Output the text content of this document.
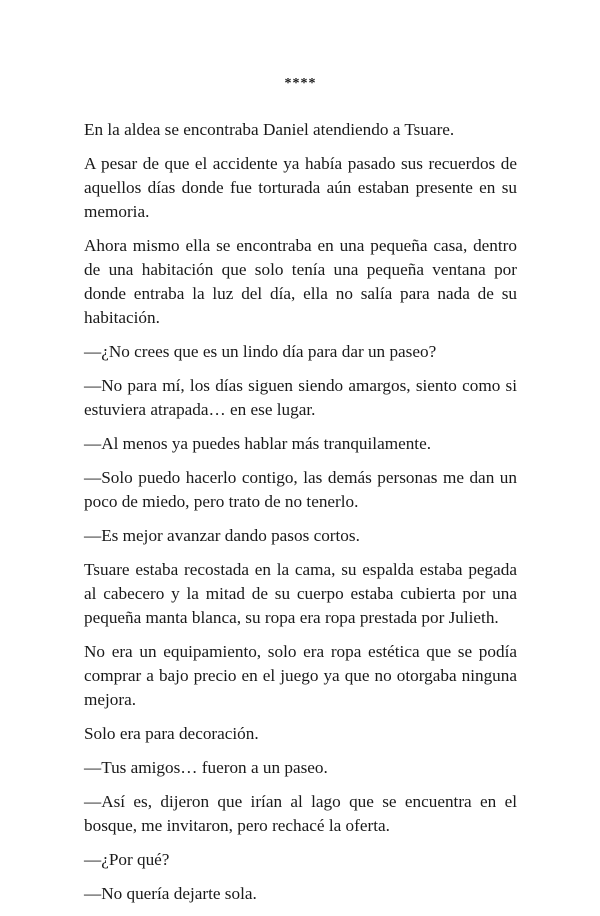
****

En la aldea se encontraba Daniel atendiendo a Tsuare.

A pesar de que el accidente ya había pasado sus recuerdos de aquellos días donde fue torturada aún estaban presente en su memoria.

Ahora mismo ella se encontraba en una pequeña casa, dentro de una habitación que solo tenía una pequeña ventana por donde entraba la luz del día, ella no salía para nada de su habitación.

—¿No crees que es un lindo día para dar un paseo?

—No para mí, los días siguen siendo amargos, siento como si estuviera atrapada… en ese lugar.

—Al menos ya puedes hablar más tranquilamente.

—Solo puedo hacerlo contigo, las demás personas me dan un poco de miedo, pero trato de no tenerlo.

—Es mejor avanzar dando pasos cortos.

Tsuare estaba recostada en la cama, su espalda estaba pegada al cabecero y la mitad de su cuerpo estaba cubierta por una pequeña manta blanca, su ropa era ropa prestada por Julieth.

No era un equipamiento, solo era ropa estética que se podía comprar a bajo precio en el juego ya que no otorgaba ninguna mejora.

Solo era para decoración.

—Tus amigos… fueron a un paseo.

—Así es, dijeron que irían al lago que se encuentra en el bosque, me invitaron, pero rechacé la oferta.

—¿Por qué?

—No quería dejarte sola.
